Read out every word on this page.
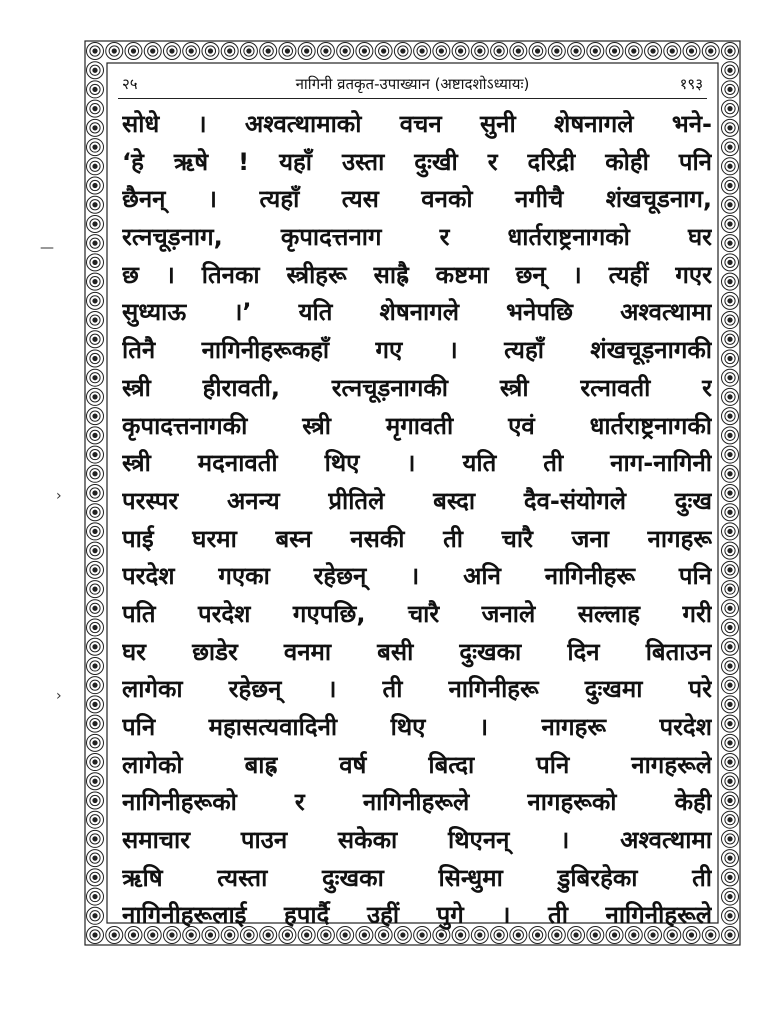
—
›
›
२५	नागिनी व्रतकृत-उपाख्यान (अष्टादशोऽध्यायः)	१९३
सोधे । अश्वत्थामाको वचन सुनी शेषनागले भने-
‘हे ऋषे ! यहाँ उस्ता दुःखी र दरिद्री कोही पनि
छैनन् । त्यहाँ त्यस वनको नगीचै शंखचूडनाग,
रत्नचूड़नाग, कृपादत्तनाग र धार्तराष्ट्रनागको घर
छ । तिनका स्त्रीहरू साह्रै कष्टमा छन् । त्यहीं गएर
सुध्याऊ ।’ यति शेषनागले भनेपछि अश्वत्थामा
तिनै नागिनीहरूकहाँ गए । त्यहाँ शंखचूड़नागकी
स्त्री हीरावती, रत्नचूड़नागकी स्त्री रत्नावती र
कृपादत्तनागकी स्त्री मृगावती एवं धार्तराष्ट्रनागकी
स्त्री मदनावती थिए । यति ती नाग-नागिनी
परस्पर अनन्य प्रीतिले बस्दा दैव-संयोगले दुःख
पाई घरमा बस्न नसकी ती चारै जना नागहरू
परदेश गएका रहेछन् । अनि नागिनीहरू पनि
पति परदेश गएपछि, चारै जनाले सल्लाह गरी
घर छाडेर वनमा बसी दुःखका दिन बिताउन
लागेका रहेछन् । ती नागिनीहरू दुःखमा परे
पनि महासत्यवादिनी थिए । नागहरू परदेश
लागेको बाह्र वर्ष बित्दा पनि नागहरूले
नागिनीहरूको र नागिनीहरूले नागहरूको केही
समाचार पाउन सकेका थिएनन् । अश्वत्थामा
ऋषि त्यस्ता दुःखका सिन्धुमा डुबिरहेका ती
नागिनीहरूलाई हपार्दै उहीं पुगे । ती नागिनीहरूले
